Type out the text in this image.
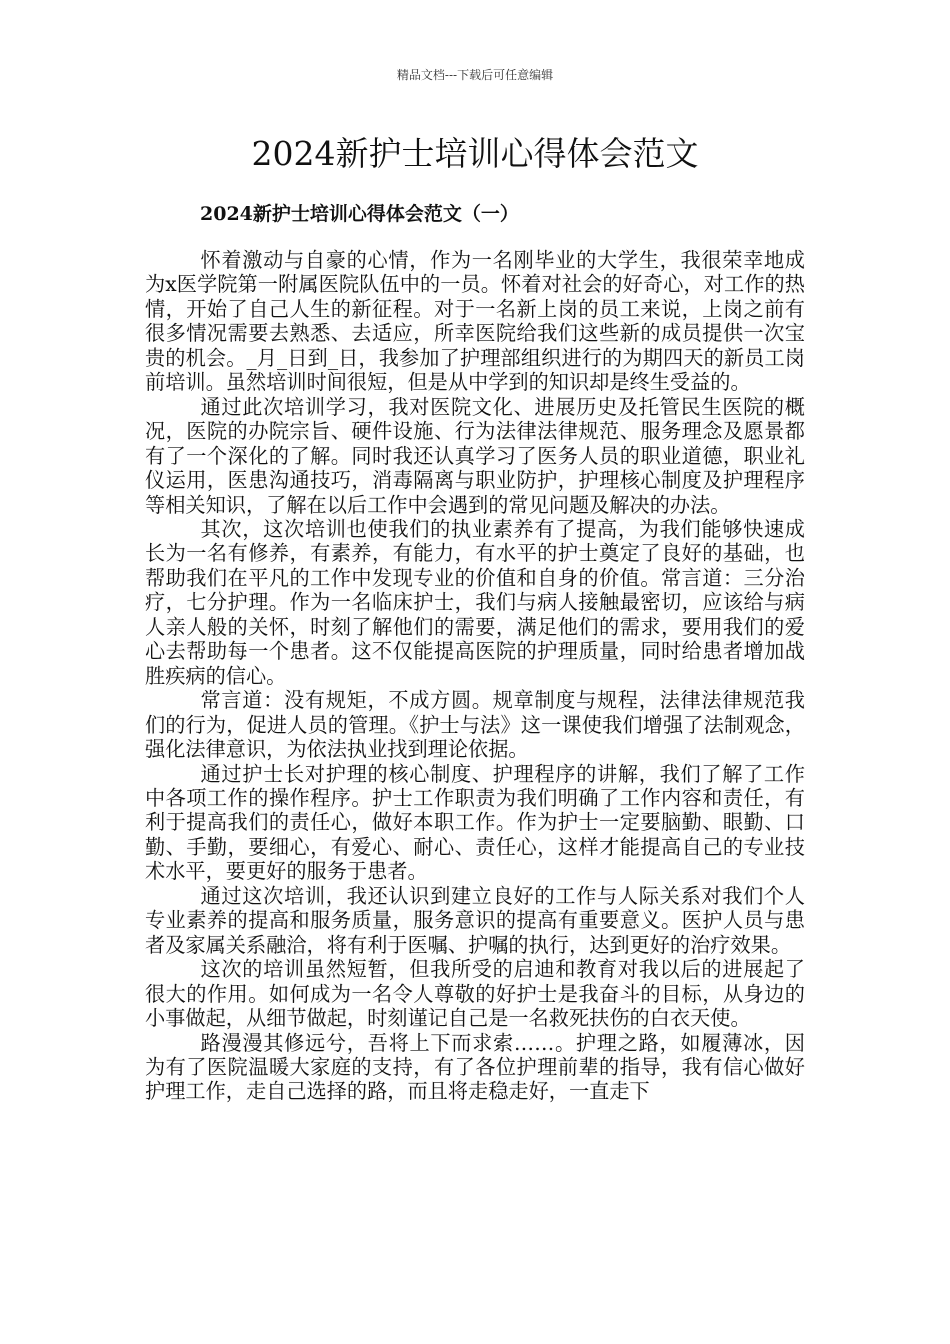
精品文档---下载后可任意编辑
2024新护士培训心得体会范文
2024新护士培训心得体会范文（一）

怀着激动与自豪的心情，作为一名刚毕业的大学生，我很荣幸地成为x医学院第一附属医院队伍中的一员。怀着对社会的好奇心，对工作的热情，开始了自己人生的新征程。对于一名新上岗的员工来说，上岗之前有很多情况需要去熟悉、去适应，所幸医院给我们这些新的成员提供一次宝贵的机会。_月_日到_日，我参加了护理部组织进行的为期四天的新员工岗前培训。虽然培训时间很短，但是从中学到的知识却是终生受益的。

通过此次培训学习，我对医院文化、进展历史及托管民生医院的概况，医院的办院宗旨、硬件设施、行为法律法律规范、服务理念及愿景都有了一个深化的了解。同时我还认真学习了医务人员的职业道德，职业礼仪运用，医患沟通技巧，消毒隔离与职业防护，护理核心制度及护理程序等相关知识，了解在以后工作中会遇到的常见问题及解决的办法。

其次，这次培训也使我们的执业素养有了提高，为我们能够快速成长为一名有修养，有素养，有能力，有水平的护士奠定了良好的基础，也帮助我们在平凡的工作中发现专业的价值和自身的价值。常言道：三分治疗，七分护理。作为一名临床护士，我们与病人接触最密切，应该给与病人亲人般的关怀，时刻了解他们的需要，满足他们的需求，要用我们的爱心去帮助每一个患者。这不仅能提高医院的护理质量，同时给患者增加战胜疾病的信心。

常言道：没有规矩，不成方圆。规章制度与规程，法律法律规范我们的行为，促进人员的管理。《护士与法》这一课使我们增强了法制观念，强化法律意识，为依法执业找到理论依据。

通过护士长对护理的核心制度、护理程序的讲解，我们了解了工作中各项工作的操作程序。护士工作职责为我们明确了工作内容和责任，有利于提高我们的责任心，做好本职工作。作为护士一定要脑勤、眼勤、口勤、手勤，要细心，有爱心、耐心、责任心，这样才能提高自己的专业技术水平，要更好的服务于患者。

通过这次培训，我还认识到建立良好的工作与人际关系对我们个人专业素养的提高和服务质量，服务意识的提高有重要意义。医护人员与患者及家属关系融洽，将有利于医嘱、护嘱的执行，达到更好的治疗效果。

这次的培训虽然短暂，但我所受的启迪和教育对我以后的进展起了很大的作用。如何成为一名令人尊敬的好护士是我奋斗的目标，从身边的小事做起，从细节做起，时刻谨记自己是一名救死扶伤的白衣天使。

路漫漫其修远兮，吾将上下而求索……。护理之路，如履薄冰，因为有了医院温暖大家庭的支持，有了各位护理前辈的指导，我有信心做好护理工作，走自己选择的路，而且将走稳走好，一直走下
